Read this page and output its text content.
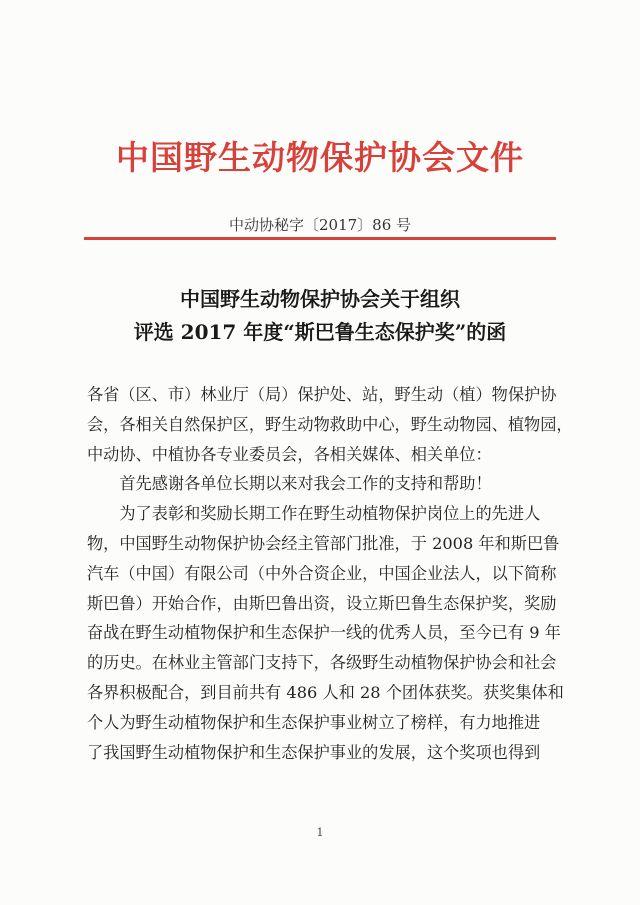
中国野生动物保护协会文件
中动协秘字〔2017〕86 号
中国野生动物保护协会关于组织
评选 2017 年度“斯巴鲁生态保护奖”的函

各省（区、市）林业厅（局）保护处、站，野生动（植）物保护协

会，各相关自然保护区，野生动物救助中心，野生动物园、植物园，

中动协、中植协各专业委员会，各相关媒体、相关单位：

　　首先感谢各单位长期以来对我会工作的支持和帮助！

　　为了表彰和奖励长期工作在野生动植物保护岗位上的先进人

物，中国野生动物保护协会经主管部门批准，于 2008 年和斯巴鲁

汽车（中国）有限公司（中外合资企业，中国企业法人，以下简称

斯巴鲁）开始合作，由斯巴鲁出资，设立斯巴鲁生态保护奖，奖励

奋战在野生动植物保护和生态保护一线的优秀人员，至今已有 9 年

的历史。在林业主管部门支持下，各级野生动植物保护协会和社会

各界积极配合，到目前共有 486 人和 28 个团体获奖。获奖集体和

个人为野生动植物保护和生态保护事业树立了榜样，有力地推进

了我国野生动植物保护和生态保护事业的发展，这个奖项也得到

1
